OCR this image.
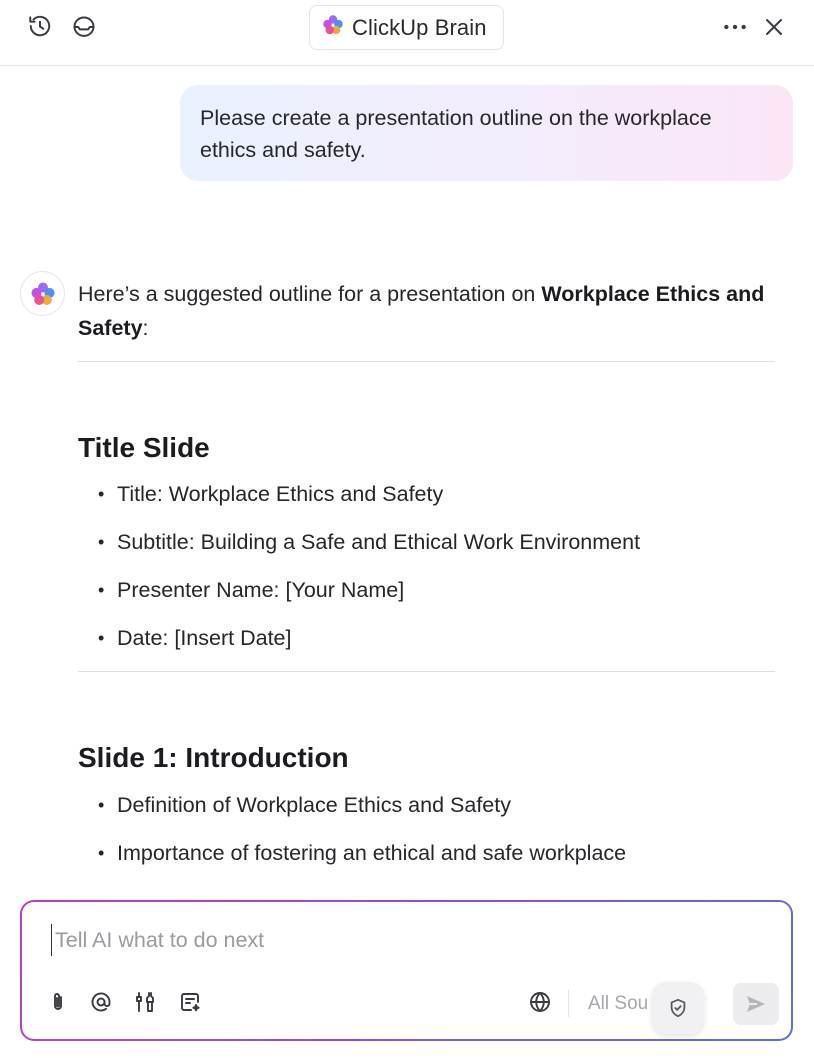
ClickUp Brain
Please create a presentation outline on the workplace ethics and safety.
Here’s a suggested outline for a presentation on Workplace Ethics and Safety:
Title Slide
• Title: Workplace Ethics and Safety
• Subtitle: Building a Safe and Ethical Work Environment
• Presenter Name: [Your Name]
• Date: [Insert Date]
Slide 1: Introduction
• Definition of Workplace Ethics and Safety
• Importance of fostering an ethical and safe workplace
Tell AI what to do next
All Sou
